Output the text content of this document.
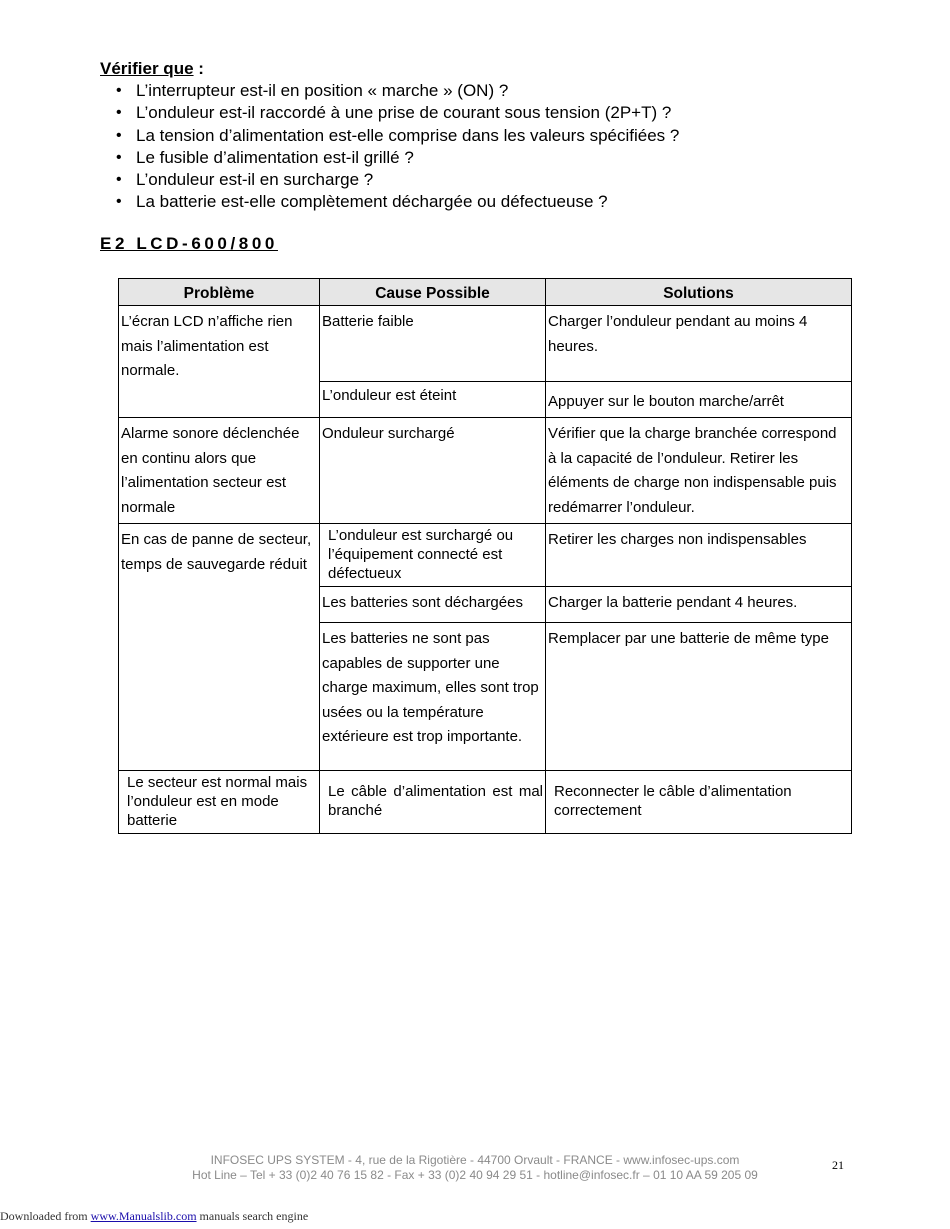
Vérifier que :
• L’interrupteur est-il en position « marche » (ON) ?
• L’onduleur est-il raccordé à une prise de courant sous tension (2P+T) ?
• La tension d’alimentation est-elle comprise dans les valeurs spécifiées ?
• Le fusible d’alimentation est-il grillé ?
• L’onduleur est-il en surcharge ?
• La batterie est-elle complètement déchargée ou défectueuse ?
E2 LCD-600/800
Problème	Cause Possible	Solutions
L’écran LCD n’affiche rien mais l’alimentation est normale.	Batterie faible	Charger l’onduleur pendant au moins 4 heures.
	L’onduleur est éteint	Appuyer sur le bouton marche/arrêt
Alarme sonore déclenchée en continu alors que l’alimentation secteur est normale	Onduleur surchargé	Vérifier que la charge branchée correspond à la capacité de l’onduleur. Retirer les éléments de charge non indispensable puis redémarrer l’onduleur.
En cas de panne de secteur, temps de sauvegarde réduit	L’onduleur est surchargé ou l’équipement connecté est défectueux	Retirer les charges non indispensables
	Les batteries sont déchargées	Charger la batterie pendant 4 heures.
	Les batteries ne sont pas capables de supporter une charge maximum, elles sont trop usées ou la température extérieure est trop importante.	Remplacer par une batterie de même type
Le secteur est normal mais l’onduleur est en mode batterie	Le câble d’alimentation est mal branché	Reconnecter le câble d’alimentation correctement
INFOSEC UPS SYSTEM - 4, rue de la Rigotière - 44700 Orvault - FRANCE - www.infosec-ups.com
Hot Line – Tel + 33 (0)2 40 76 15 82 - Fax + 33 (0)2 40 94 29 51 - hotline@infosec.fr – 01 10 AA 59 205 09
21
Downloaded from www.Manualslib.com manuals search engine
